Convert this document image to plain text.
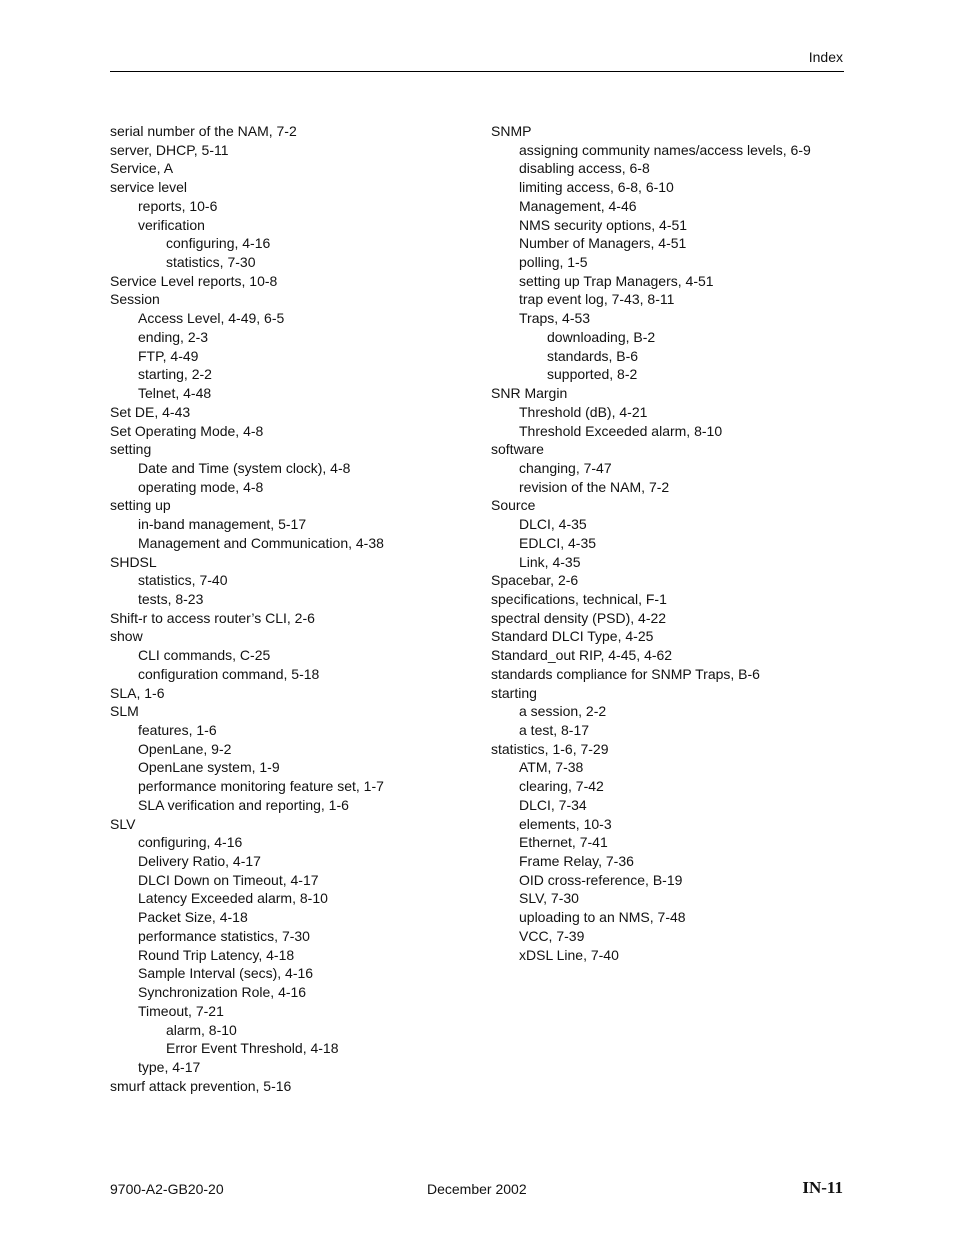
Index
serial number of the NAM, 7-2
server, DHCP, 5-11
Service, A
service level
reports, 10-6
verification
configuring, 4-16
statistics, 7-30
Service Level reports, 10-8
Session
Access Level, 4-49, 6-5
ending, 2-3
FTP, 4-49
starting, 2-2
Telnet, 4-48
Set DE, 4-43
Set Operating Mode, 4-8
setting
Date and Time (system clock), 4-8
operating mode, 4-8
setting up
in-band management, 5-17
Management and Communication, 4-38
SHDSL
statistics, 7-40
tests, 8-23
Shift-r to access router’s CLI, 2-6
show
CLI commands, C-25
configuration command, 5-18
SLA, 1-6
SLM
features, 1-6
OpenLane, 9-2
OpenLane system, 1-9
performance monitoring feature set, 1-7
SLA verification and reporting, 1-6
SLV
configuring, 4-16
Delivery Ratio, 4-17
DLCI Down on Timeout, 4-17
Latency Exceeded alarm, 8-10
Packet Size, 4-18
performance statistics, 7-30
Round Trip Latency, 4-18
Sample Interval (secs), 4-16
Synchronization Role, 4-16
Timeout, 7-21
alarm, 8-10
Error Event Threshold, 4-18
type, 4-17
smurf attack prevention, 5-16
SNMP
assigning community names/access levels, 6-9
disabling access, 6-8
limiting access, 6-8, 6-10
Management, 4-46
NMS security options, 4-51
Number of Managers, 4-51
polling, 1-5
setting up Trap Managers, 4-51
trap event log, 7-43, 8-11
Traps, 4-53
downloading, B-2
standards, B-6
supported, 8-2
SNR Margin
Threshold (dB), 4-21
Threshold Exceeded alarm, 8-10
software
changing, 7-47
revision of the NAM, 7-2
Source
DLCI, 4-35
EDLCI, 4-35
Link, 4-35
Spacebar, 2-6
specifications, technical, F-1
spectral density (PSD), 4-22
Standard DLCI Type, 4-25
Standard_out RIP, 4-45, 4-62
standards compliance for SNMP Traps, B-6
starting
a session, 2-2
a test, 8-17
statistics, 1-6, 7-29
ATM, 7-38
clearing, 7-42
DLCI, 7-34
elements, 10-3
Ethernet, 7-41
Frame Relay, 7-36
OID cross-reference, B-19
SLV, 7-30
uploading to an NMS, 7-48
VCC, 7-39
xDSL Line, 7-40
9700-A2-GB20-20	December 2002	IN-11
